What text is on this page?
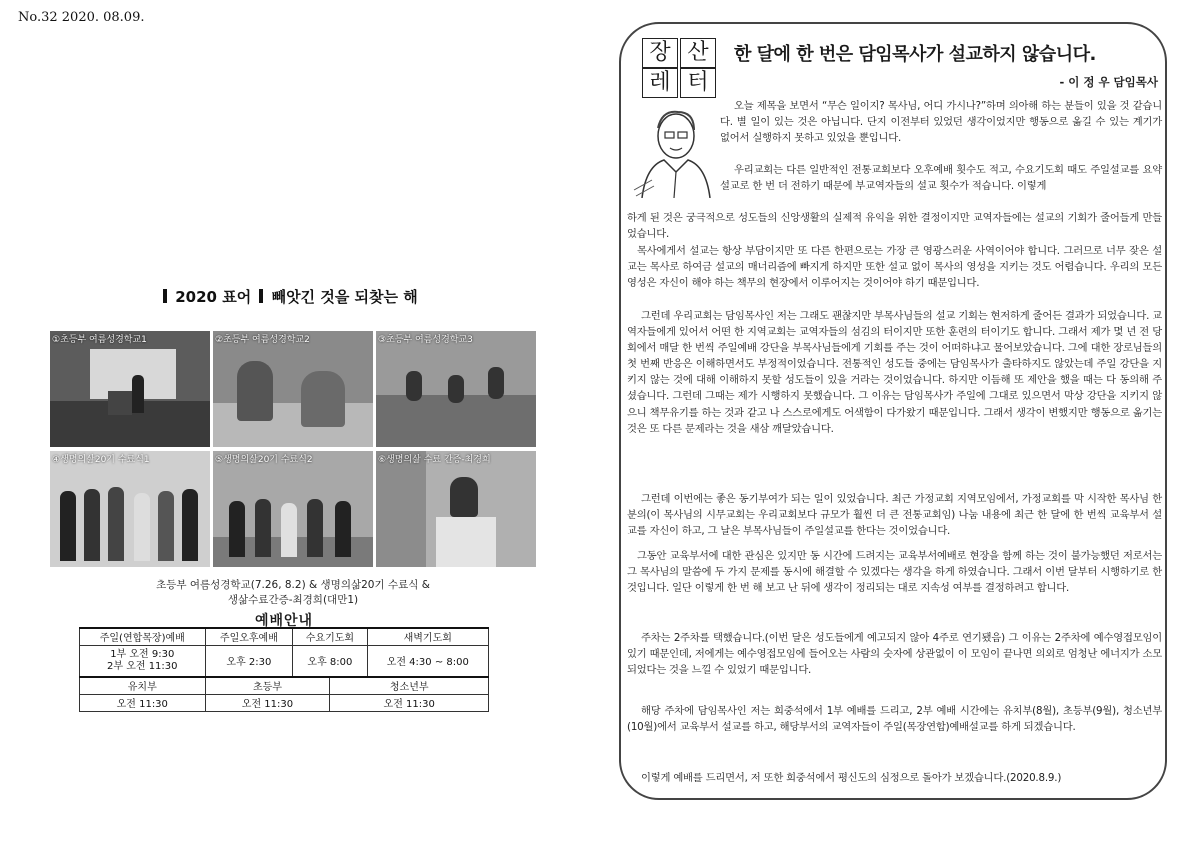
No.32 2020. 08.09.
2020 표어 빼앗긴 것을 되찾는 해
①초등부 여름성경학교1	②초등부 여름성경학교2	③초등부 여름성경학교3
④생명의삶20기 수료식1	⑤생명의삶20기 수료식2	⑥생명의삶 수료 간증-최경희
초등부 여름성경학교(7.26, 8.2) & 생명의삶20기 수료식 &
생삶수료간증-최경희(대만1)
예배안내
주일(연합목장)예배	주일오후예배	수요기도회		새벽기도회

1부 오전 9:30
2부 오전 11:30	오후 2:30	오후 8:00		오전 4:30 ~ 8:00
유치부	초등부		청소년부	
오전 11:30	오전 11:30		오전 11:30	
장 산
레 터
한 달에 한 번은 담임목사가 설교하지 않습니다.
- 이 정 우 담임목사
오늘 제목을 보면서 “무슨 일이지? 목사님, 어디 가시나?”하며 의아해 하는 분들이 있을 것 같습니다. 별 일이 있는 것은 아닙니다. 단지 이전부터 있었던 생각이었지만 행동으로 옮길 수 있는 계기가 없어서 실행하지 못하고 있었을 뿐입니다.
우리교회는 다른 일반적인 전통교회보다 오후예배 횟수도 적고, 수요기도회 때도 주일설교를 요약설교로 한 번 더 전하기 때문에 부교역자들의 설교 횟수가 적습니다. 이렇게
하게 된 것은 궁극적으로 성도들의 신앙생활의 실제적 유익을 위한 결정이지만 교역자들에는 설교의 기회가 줄어들게 만들었습니다.
목사에게서 설교는 항상 부담이지만 또 다른 한편으로는 가장 큰 영광스러운 사역이어야 합니다. 그러므로 너무 잦은 설교는 목사로 하여금 설교의 매너리즘에 빠지게 하지만 또한 설교 없이 목사의 영성을 지키는 것도 어렵습니다. 우리의 모든 영성은 자신이 해야 하는 책무의 현장에서 이루어지는 것이어야 하기 때문입니다.
그런데 우리교회는 담임목사인 저는 그래도 괜찮지만 부목사님들의 설교 기회는 현저하게 줄어든 결과가 되었습니다. 교역자들에게 있어서 어떤 한 지역교회는 교역자들의 섬김의 터이지만 또한 훈련의 터이기도 합니다. 그래서 제가 몇 년 전 당회에서 매달 한 번씩 주일예배 강단을 부목사님들에게 기회를 주는 것이 어떠하냐고 물어보았습니다. 그에 대한 장로님들의 첫 번째 반응은 이해하면서도 부정적이었습니다. 전통적인 성도들 중에는 담임목사가 출타하지도 않았는데 주일 강단을 지키지 않는 것에 대해 이해하지 못할 성도들이 있을 거라는 것이었습니다. 하지만 이듬해 또 제안을 했을 때는 다 동의해 주셨습니다. 그런데 그때는 제가 시행하지 못했습니다. 그 이유는 담임목사가 주일에 그대로 있으면서 막상 강단을 지키지 않으니 책무유기를 하는 것과 같고 나 스스로에게도 어색함이 다가왔기 때문입니다. 그래서 생각이 변했지만 행동으로 옮기는 것은 또 다른 문제라는 것을 새삼 깨달았습니다.
그런데 이번에는 좋은 동기부여가 되는 일이 있었습니다. 최근 가정교회 지역모임에서, 가정교회를 막 시작한 목사님 한 분의(이 목사님의 시무교회는 우리교회보다 규모가 훨씬 더 큰 전통교회임) 나눔 내용에 최근 한 달에 한 번씩 교육부서 설교를 자신이 하고, 그 날은 부목사님들이 주일설교를 한다는 것이었습니다.
그동안 교육부서에 대한 관심은 있지만 동 시간에 드려지는 교육부서예배로 현장을 함께 하는 것이 불가능했던 저로서는 그 목사님의 말씀에 두 가지 문제를 동시에 해결할 수 있겠다는 생각을 하게 하였습니다. 그래서 이번 달부터 시행하기로 한 것입니다. 일단 이렇게 한 번 해 보고 난 뒤에 생각이 정리되는 대로 지속성 여부를 결정하려고 합니다.
주차는 2주차를 택했습니다.(이번 달은 성도들에게 예고되지 않아 4주로 연기됐음) 그 이유는 2주차에 예수영접모임이 있기 때문인데, 저에게는 예수영접모임에 들어오는 사람의 숫자에 상관없이 이 모임이 끝나면 의외로 엄청난 에너지가 소모되었다는 것을 느낄 수 있었기 때문입니다.
해당 주차에 담임목사인 저는 희중석에서 1부 예배를 드리고, 2부 예배 시간에는 유치부(8월), 초등부(9월), 청소년부(10월)에서 교육부서 설교를 하고, 해당부서의 교역자들이 주일(목장연합)예배설교를 하게 되겠습니다.
이렇게 예배를 드리면서, 저 또한 희중석에서 평신도의 심정으로 돌아가 보겠습니다.(2020.8.9.)
